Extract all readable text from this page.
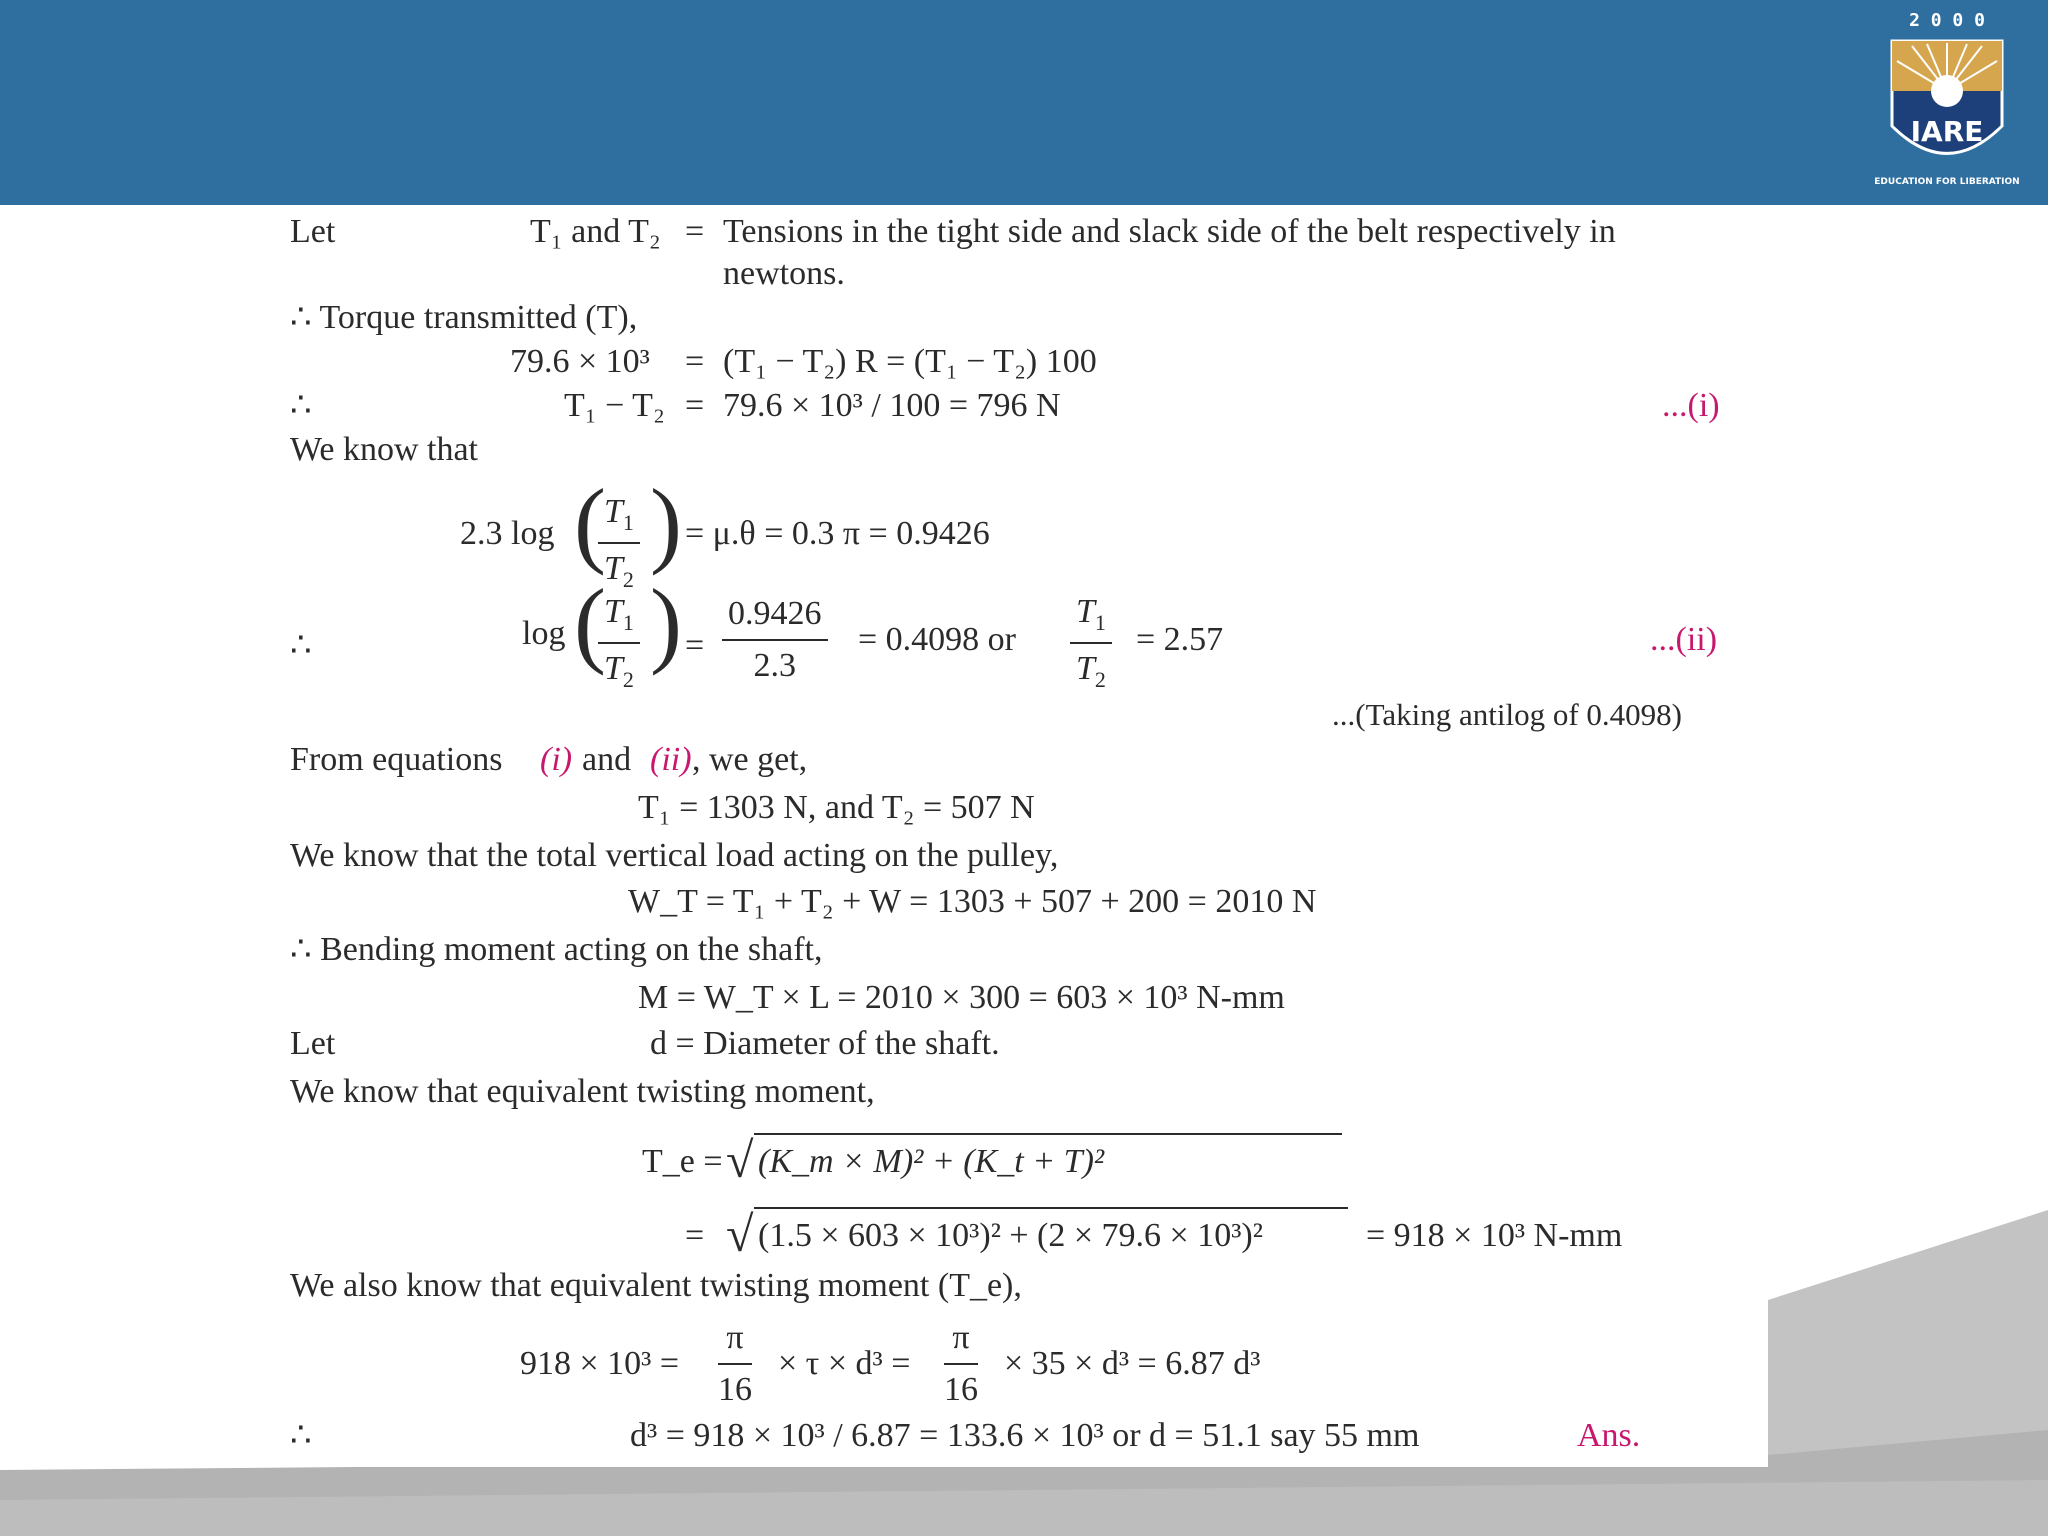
2 0 0 0
IARE
EDUCATION FOR LIBERATION
Let	T₁ and T₂ = Tensions in the tight side and slack side of the belt respectively in
newtons.
∴ Torque transmitted (T),
79.6 × 10³ = (T₁ − T₂) R = (T₁ − T₂) 100
∴	T₁ − T₂ = 79.6 × 10³ / 100 = 796 N	...(i)
We know that
2.3 log (
$\frac{T_1}{T_2}$ ) = μ.θ = 0.3 π = 0.9426
∴	log (
$\frac{T_1}{T_2}$ ) = $\frac{0.9426}{2.3} = 0.4098$ or $\frac{T_1}{T_2} = 2.57$	...(ii)
...(Taking antilog of 0.4098)
From equations (i) and (ii) , we get,
T₁ = 1303 N, and T₂ = 507 N
We know that the total vertical load acting on the pulley,
W_T = T₁ + T₂ + W = 1303 + 507 + 200 = 2010 N
∴ Bending moment acting on the shaft,
M = W_T × L = 2010 × 300 = 603 × 10³ N-mm
Let	d = Diameter of the shaft.
We know that equivalent twisting moment,
T_e = √ (K_m × M)² + (K_t + T)²
= √ (1.5 × 603 × 10³)² + (2 × 79.6 × 10³)²	= 918 × 10³ N-mm
We also know that equivalent twisting moment (T_e),
$918 \times 10^3 = \frac{\pi}{16} \times \tau \times d^3 = \frac{\pi}{16} \times 35 \times d^3 = 6.87$ d³
∴	d³ = 918 × 10³ / 6.87 = 133.6 × 10³ or d = 51.1 say 55 mm	Ans.
